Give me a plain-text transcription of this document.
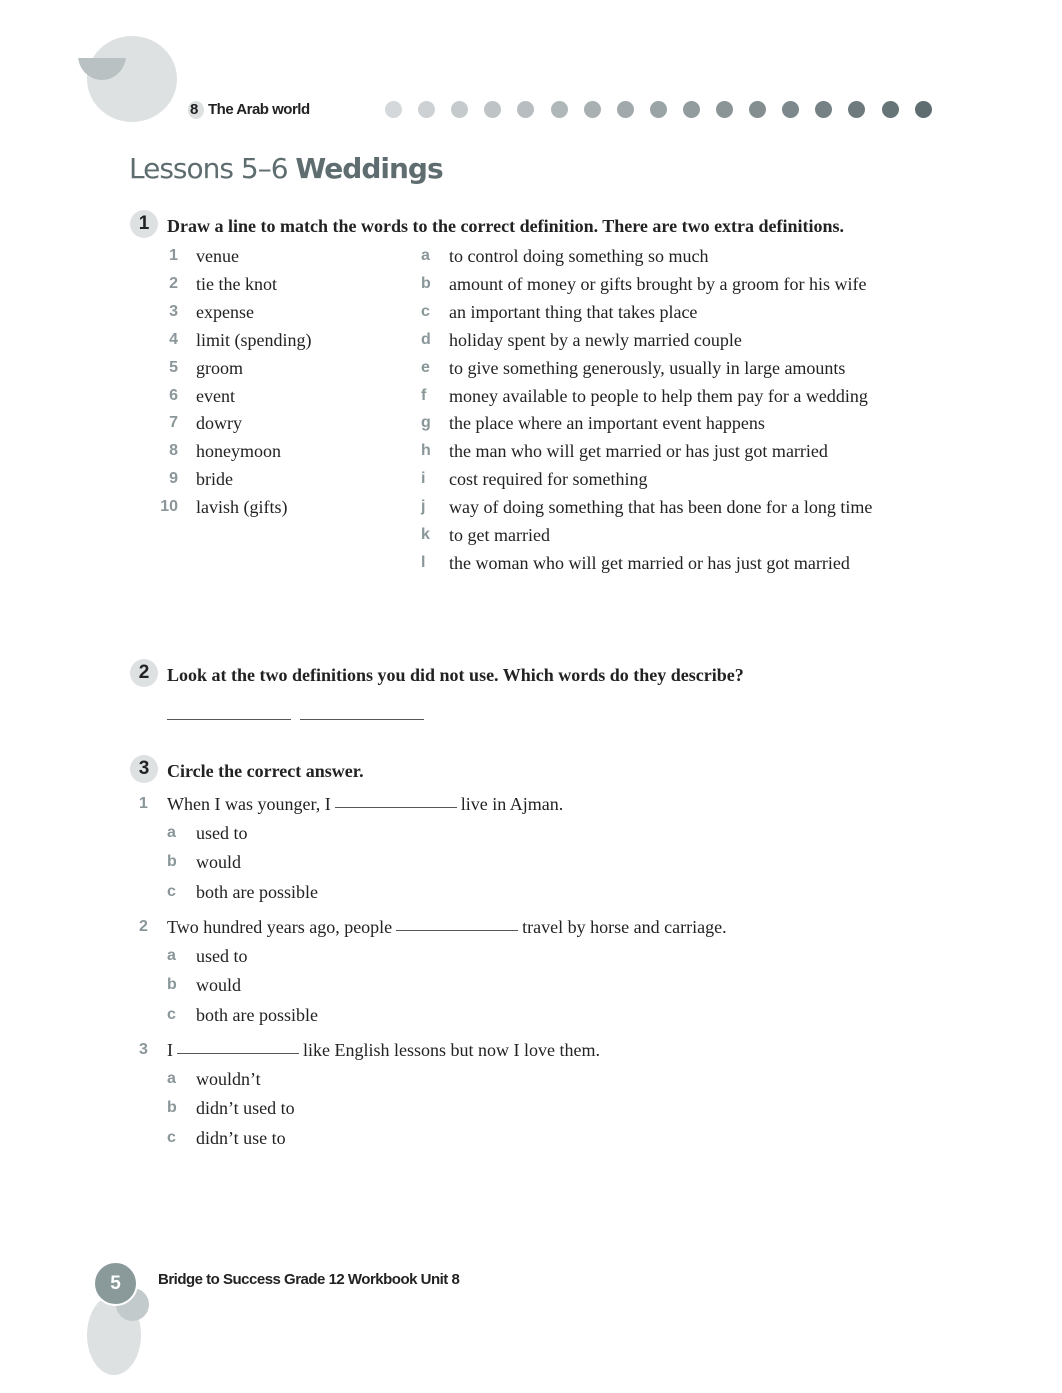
8 The Arab world
Lessons 5–6 Weddings
1 Draw a line to match the words to the correct definition. There are two extra definitions.
1 venue
2 tie the knot
3 expense
4 limit (spending)
5 groom
6 event
7 dowry
8 honeymoon
9 bride
10 lavish (gifts)
a to control doing something so much
b amount of money or gifts brought by a groom for his wife
c an important thing that takes place
d holiday spent by a newly married couple
e to give something generously, usually in large amounts
f money available to people to help them pay for a wedding
g the place where an important event happens
h the man who will get married or has just got married
i cost required for something
j way of doing something that has been done for a long time
k to get married
l the woman who will get married or has just got married
2 Look at the two definitions you did not use. Which words do they describe?
3 Circle the correct answer.
1 When I was younger, I	live in Ajman.
a used to
b would
c both are possible
2 Two hundred years ago, people	travel by horse and carriage.
a used to
b would
c both are possible
3 I	like English lessons but now I love them.
a wouldn’t
b didn’t used to
c didn’t use to
5	Bridge to Success Grade 12 Workbook Unit 8
